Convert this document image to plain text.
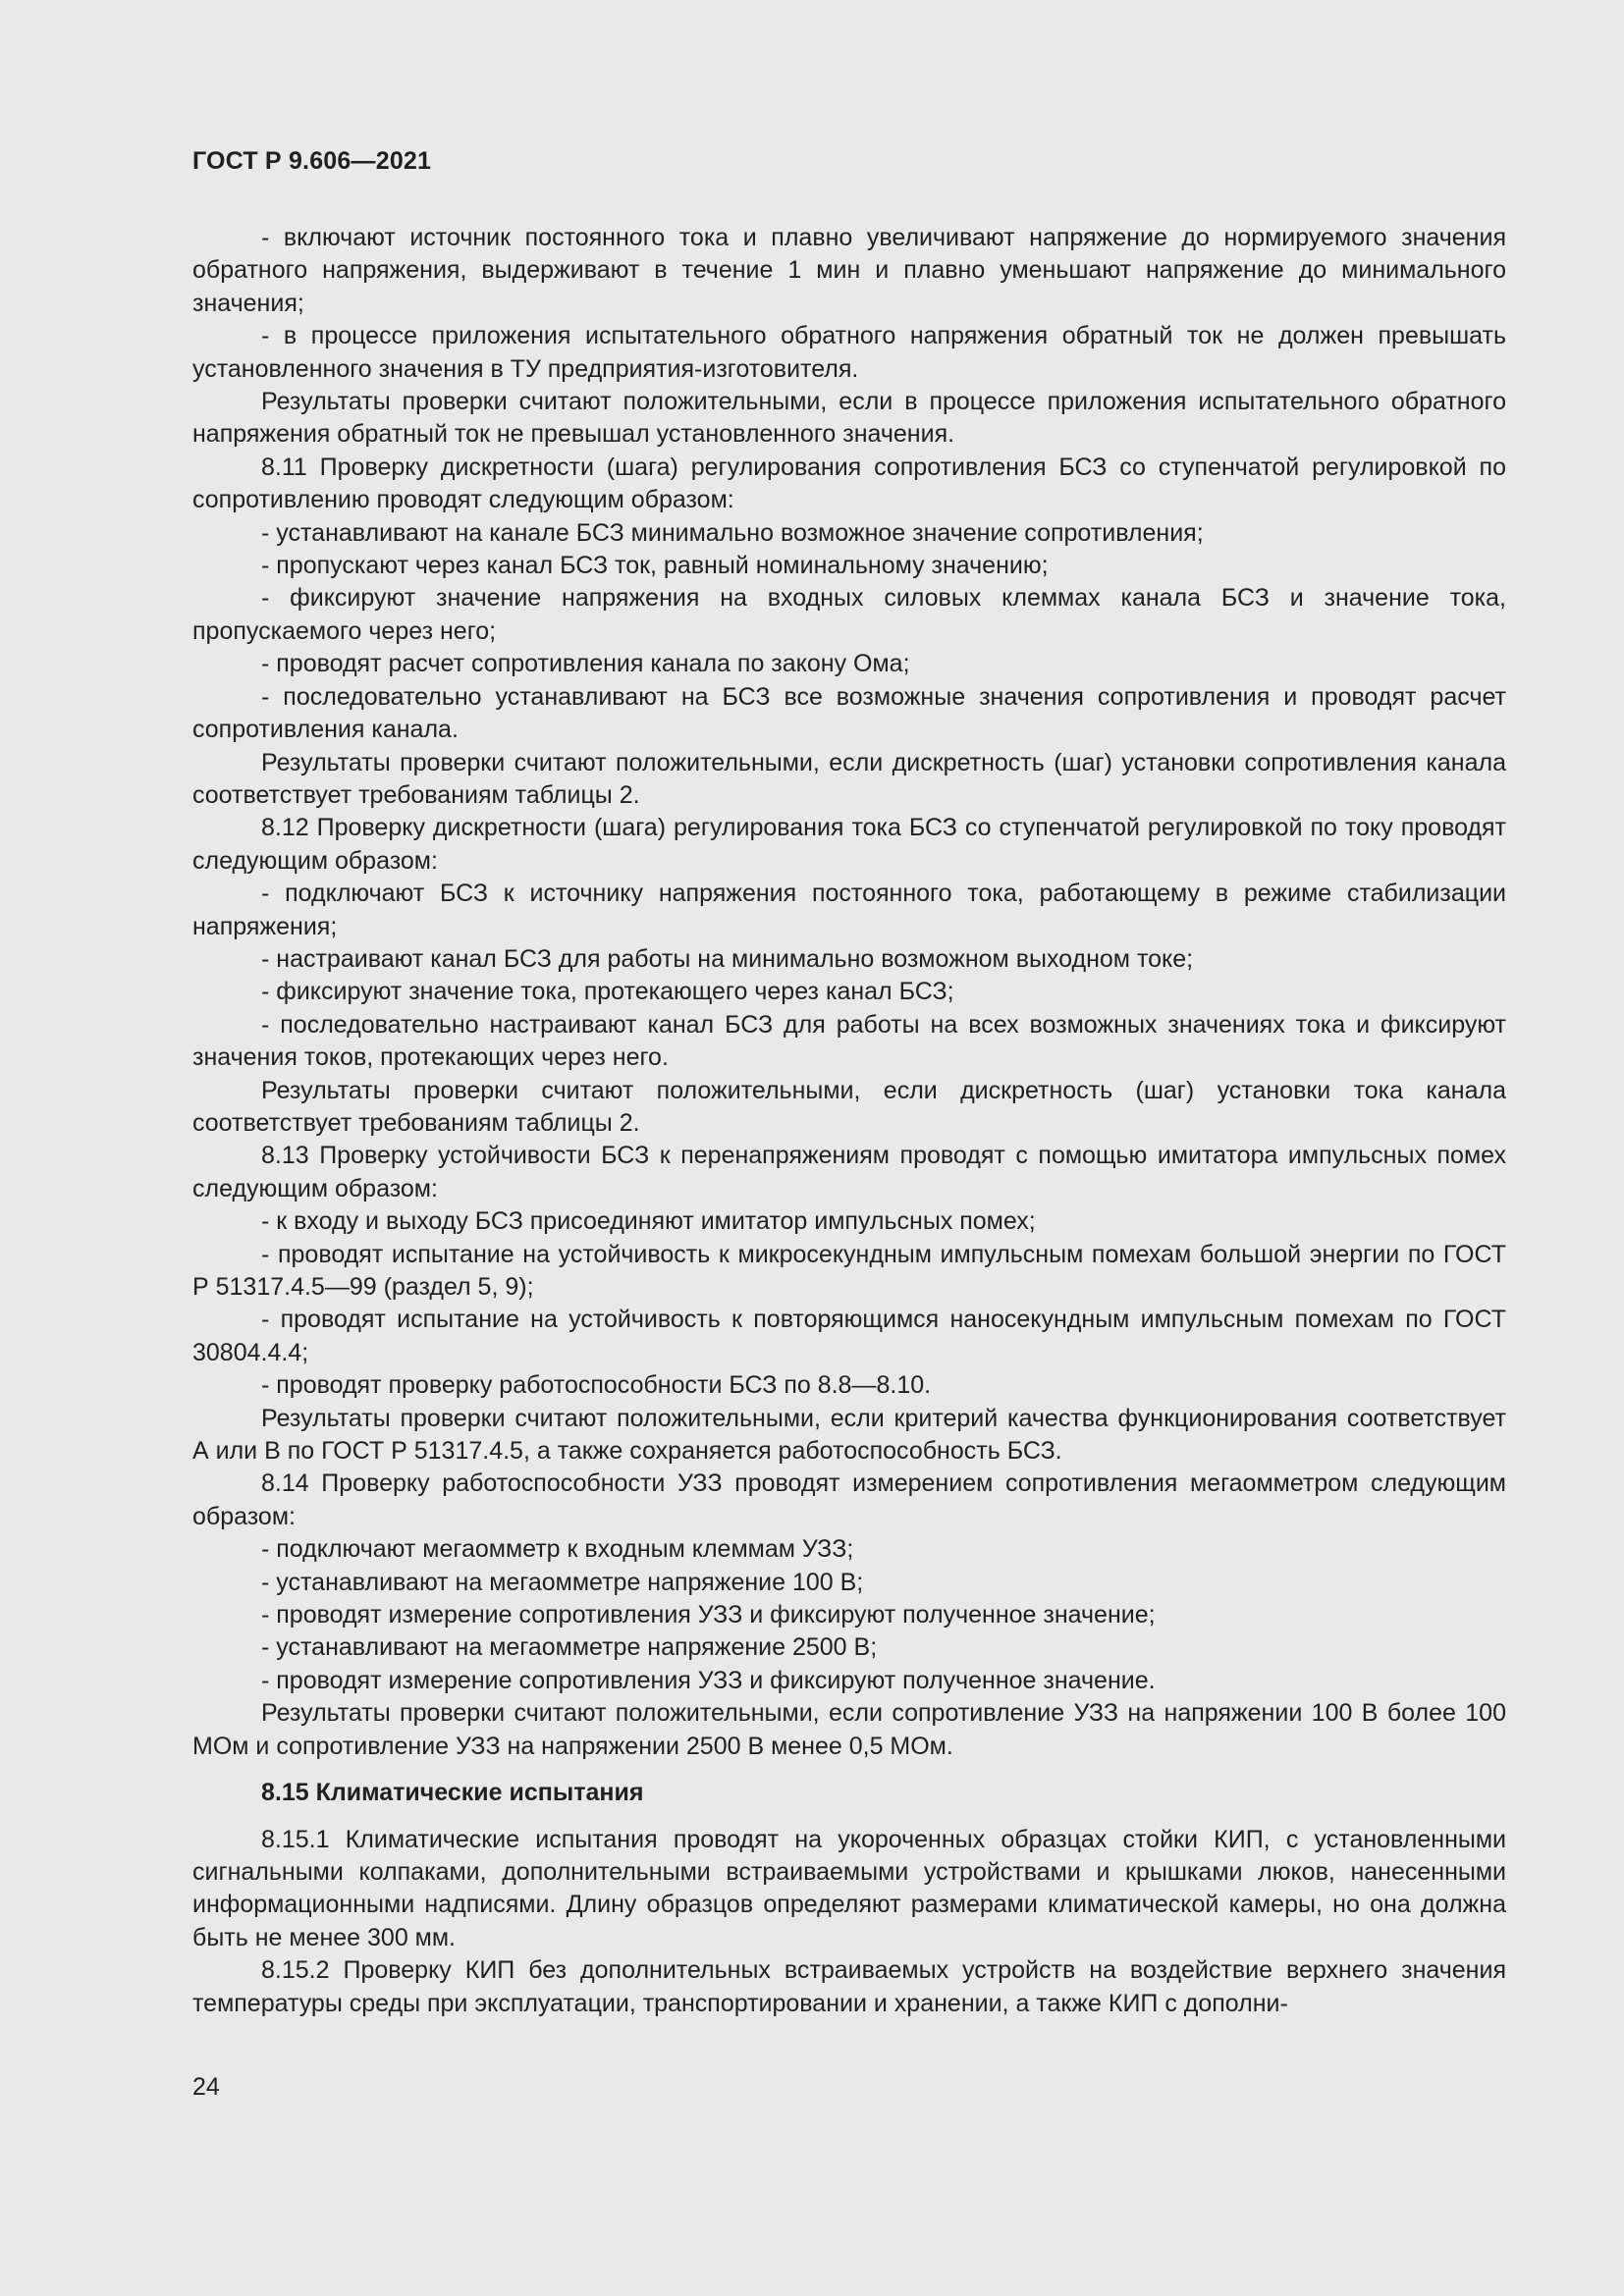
ГОСТ Р 9.606—2021

- включают источник постоянного тока и плавно увеличивают напряжение до нормируемого значения обратного напряжения, выдерживают в течение 1 мин и плавно уменьшают напряжение до минимального значения;

- в процессе приложения испытательного обратного напряжения обратный ток не должен превышать установленного значения в ТУ предприятия-изготовителя.

Результаты проверки считают положительными, если в процессе приложения испытательного обратного напряжения обратный ток не превышал установленного значения.

8.11 Проверку дискретности (шага) регулирования сопротивления БСЗ со ступенчатой регулировкой по сопротивлению проводят следующим образом:

- устанавливают на канале БСЗ минимально возможное значение сопротивления;

- пропускают через канал БСЗ ток, равный номинальному значению;

- фиксируют значение напряжения на входных силовых клеммах канала БСЗ и значение тока, пропускаемого через него;

- проводят расчет сопротивления канала по закону Ома;

- последовательно устанавливают на БСЗ все возможные значения сопротивления и проводят расчет сопротивления канала.

Результаты проверки считают положительными, если дискретность (шаг) установки сопротивления канала соответствует требованиям таблицы 2.

8.12 Проверку дискретности (шага) регулирования тока БСЗ со ступенчатой регулировкой по току проводят следующим образом:

- подключают БСЗ к источнику напряжения постоянного тока, работающему в режиме стабилизации напряжения;

- настраивают канал БСЗ для работы на минимально возможном выходном токе;

- фиксируют значение тока, протекающего через канал БСЗ;

- последовательно настраивают канал БСЗ для работы на всех возможных значениях тока и фиксируют значения токов, протекающих через него.

Результаты проверки считают положительными, если дискретность (шаг) установки тока канала соответствует требованиям таблицы 2.

8.13 Проверку устойчивости БСЗ к перенапряжениям проводят с помощью имитатора импульсных помех следующим образом:

- к входу и выходу БСЗ присоединяют имитатор импульсных помех;

- проводят испытание на устойчивость к микросекундным импульсным помехам большой энергии по ГОСТ Р 51317.4.5—99 (раздел 5, 9);

- проводят испытание на устойчивость к повторяющимся наносекундным импульсным помехам по ГОСТ 30804.4.4;

- проводят проверку работоспособности БСЗ по 8.8—8.10.

Результаты проверки считают положительными, если критерий качества функционирования соответствует А или В по ГОСТ Р 51317.4.5, а также сохраняется работоспособность БСЗ.

8.14 Проверку работоспособности УЗЗ проводят измерением сопротивления мегаомметром следующим образом:

- подключают мегаомметр к входным клеммам УЗЗ;

- устанавливают на мегаомметре напряжение 100 В;

- проводят измерение сопротивления УЗЗ и фиксируют полученное значение;

- устанавливают на мегаомметре напряжение 2500 В;

- проводят измерение сопротивления УЗЗ и фиксируют полученное значение.

Результаты проверки считают положительными, если сопротивление УЗЗ на напряжении 100 В более 100 МОм и сопротивление УЗЗ на напряжении 2500 В менее 0,5 МОм.

8.15 Климатические испытания

8.15.1 Климатические испытания проводят на укороченных образцах стойки КИП, с установленными сигнальными колпаками, дополнительными встраиваемыми устройствами и крышками люков, нанесенными информационными надписями. Длину образцов определяют размерами климатической камеры, но она должна быть не менее 300 мм.

8.15.2 Проверку КИП без дополнительных встраиваемых устройств на воздействие верхнего значения температуры среды при эксплуатации, транспортировании и хранении, а также КИП с дополни-

24
